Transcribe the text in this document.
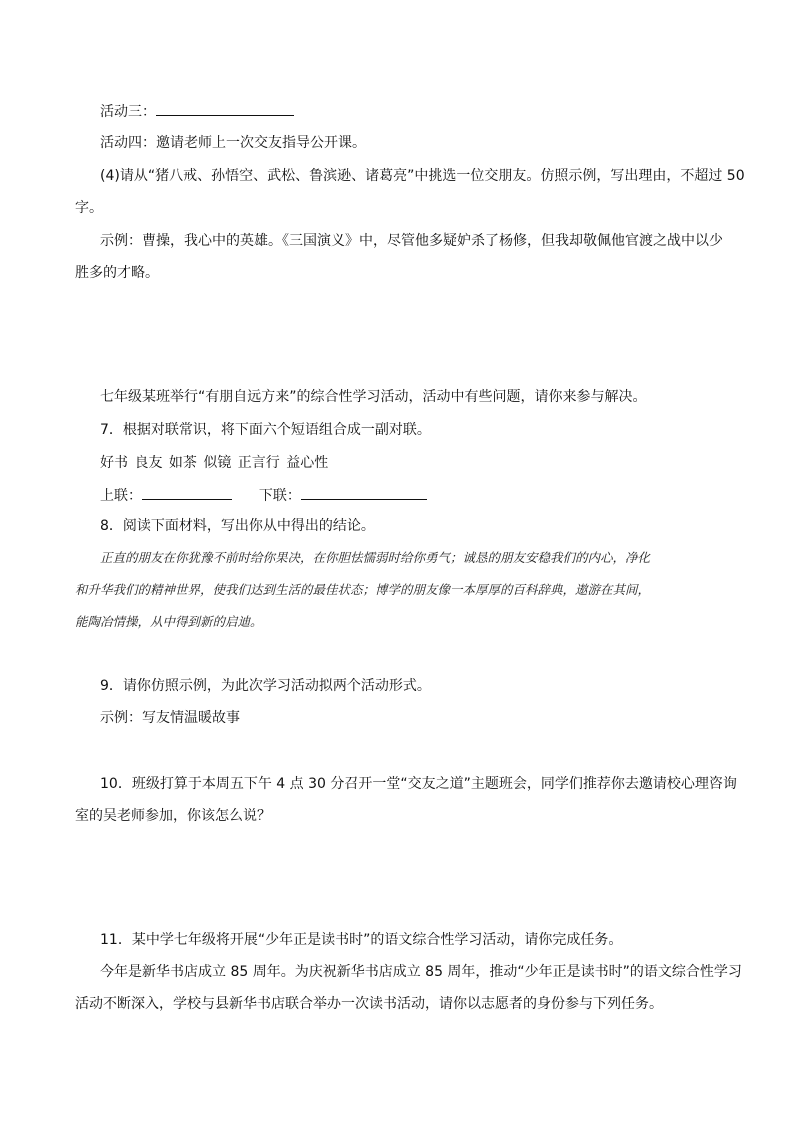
活动三：
活动四：邀请老师上一次交友指导公开课。
(4)请从“猪八戒、孙悟空、武松、鲁滨逊、诸葛亮”中挑选一位交朋友。仿照示例，写出理由，不超过 50
字。
示例：曹操，我心中的英雄。《三国演义》中，尽管他多疑妒杀了杨修，但我却敬佩他官渡之战中以少
胜多的才略。
七年级某班举行“有朋自远方来”的综合性学习活动，活动中有些问题，请你来参与解决。
7．根据对联常识，将下面六个短语组合成一副对联。
好书 良友 如茶 似镜 正言行 益心性
上联：	下联：
8．阅读下面材料，写出你从中得出的结论。
正直的朋友在你犹豫不前时给你果决，在你胆怯懦弱时给你勇气；诚恳的朋友安稳我们的内心，净化
和升华我们的精神世界，使我们达到生活的最佳状态；博学的朋友像一本厚厚的百科辞典，遨游在其间，
能陶冶情操，从中得到新的启迪。
9．请你仿照示例，为此次学习活动拟两个活动形式。
示例：写友情温暖故事
10．班级打算于本周五下午 4 点 30 分召开一堂“交友之道”主题班会，同学们推荐你去邀请校心理咨询
室的吴老师参加，你该怎么说？
11．某中学七年级将开展“少年正是读书时”的语文综合性学习活动，请你完成任务。
今年是新华书店成立 85 周年。为庆祝新华书店成立 85 周年，推动“少年正是读书时”的语文综合性学习
活动不断深入，学校与县新华书店联合举办一次读书活动，请你以志愿者的身份参与下列任务。
